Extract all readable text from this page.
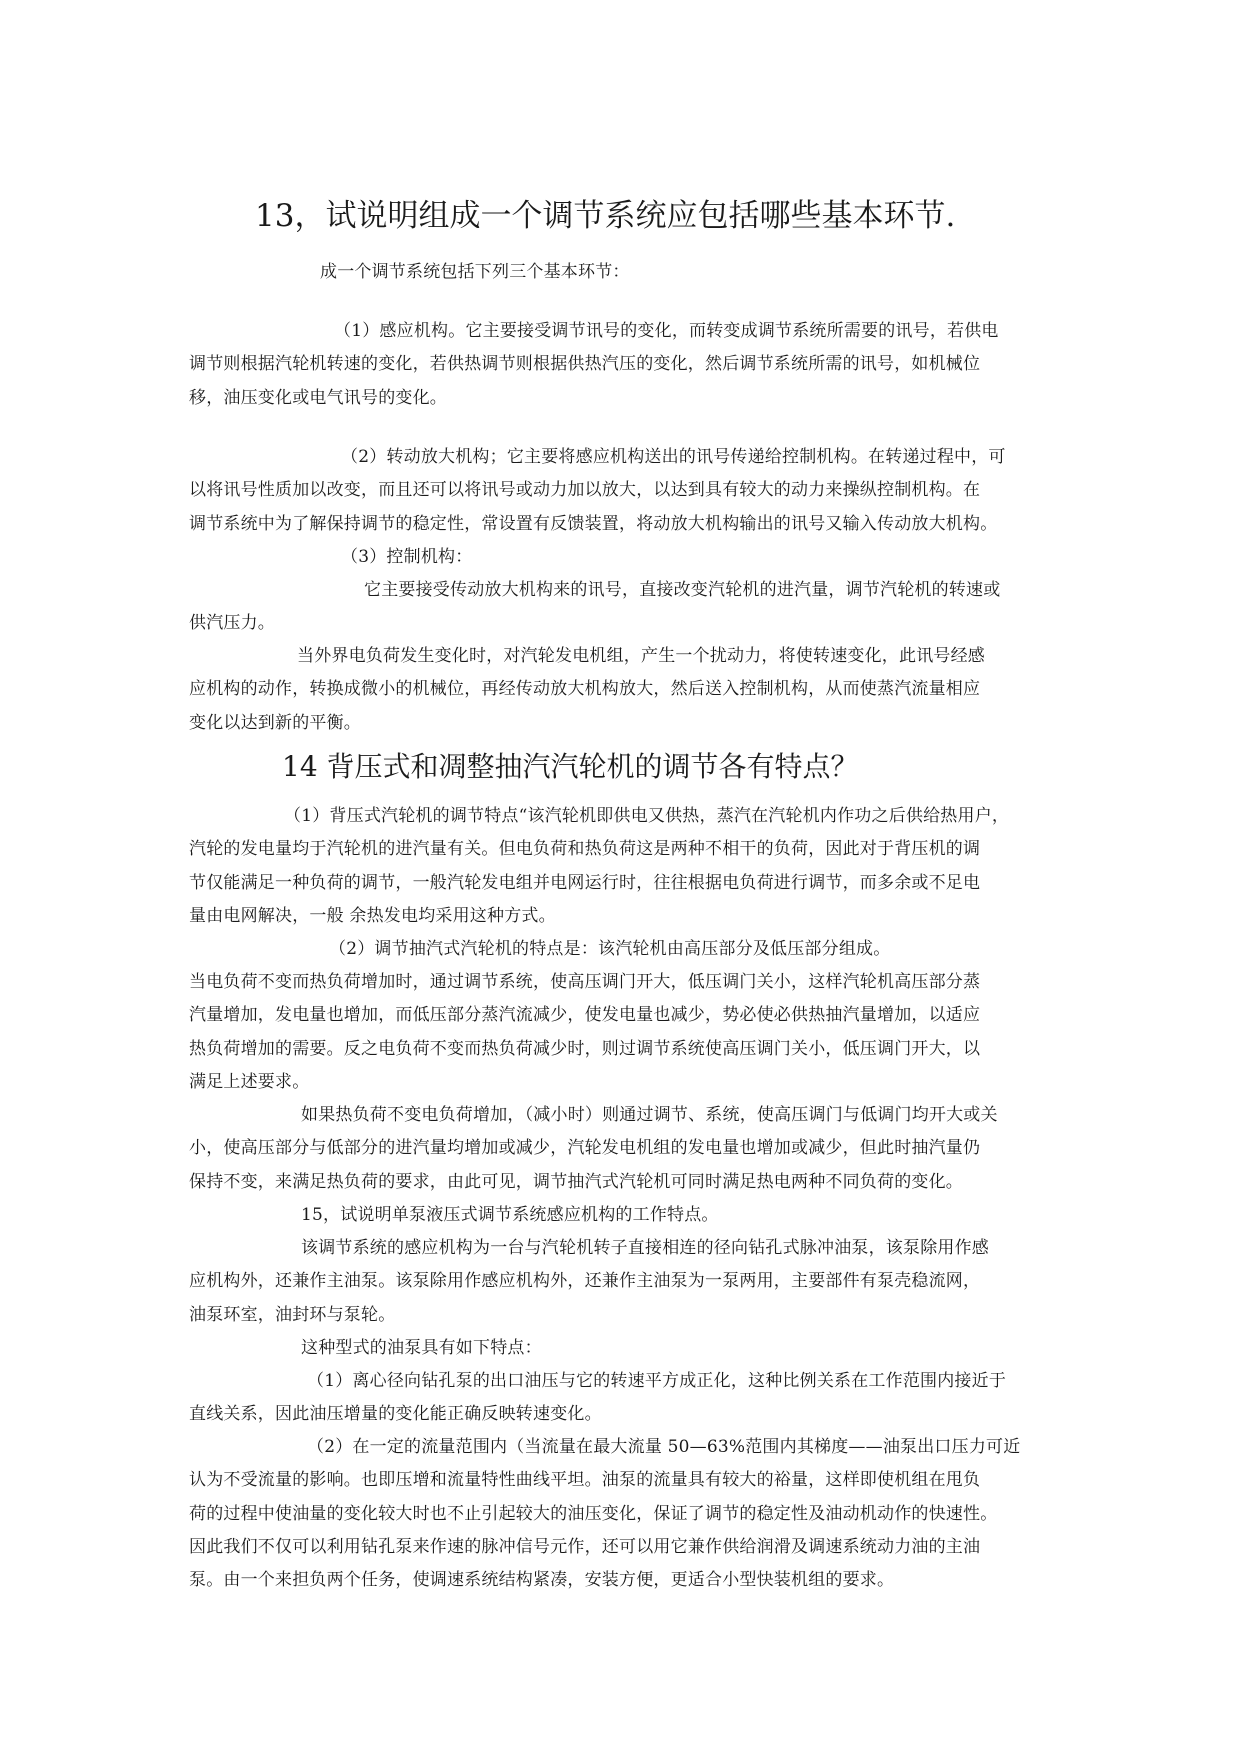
13，试说明组成一个调节系统应包括哪些基本环节.
成一个调节系统包括下列三个基本环节：
（1）感应机构。它主要接受调节讯号的变化，而转变成调节系统所需要的讯号，若供电
调节则根据汽轮机转速的变化，若供热调节则根据供热汽压的变化，然后调节系统所需的讯号，如机械位
移，油压变化或电气讯号的变化。
（2）转动放大机构；它主要将感应机构送出的讯号传递给控制机构。在转递过程中，可
以将讯号性质加以改变，而且还可以将讯号或动力加以放大，以达到具有较大的动力来操纵控制机构。在
调节系统中为了解保持调节的稳定性，常设置有反馈装置，将动放大机构输出的讯号又输入传动放大机构。
（3）控制机构：
它主要接受传动放大机构来的讯号，直接改变汽轮机的进汽量，调节汽轮机的转速或
供汽压力。
当外界电负荷发生变化时，对汽轮发电机组，产生一个扰动力，将使转速变化，此讯号经感
应机构的动作，转换成微小的机械位，再经传动放大机构放大，然后送入控制机构，从而使蒸汽流量相应
变化以达到新的平衡。
14 背压式和凋整抽汽汽轮机的调节各有特点？
（1）背压式汽轮机的调节特点“该汽轮机即供电又供热，蒸汽在汽轮机内作功之后供给热用户，
汽轮的发电量均于汽轮机的进汽量有关。但电负荷和热负荷这是两种不相干的负荷，因此对于背压机的调
节仅能满足一种负荷的调节，一般汽轮发电组并电网运行时，往往根据电负荷进行调节，而多余或不足电
量由电网解决，一般 余热发电均采用这种方式。
（2）调节抽汽式汽轮机的特点是：该汽轮机由高压部分及低压部分组成。
当电负荷不变而热负荷增加时，通过调节系统，使高压调门开大，低压调门关小，这样汽轮机高压部分蒸
汽量增加，发电量也增加，而低压部分蒸汽流减少，使发电量也减少，势必使必供热抽汽量增加，以适应
热负荷增加的需要。反之电负荷不变而热负荷减少时，则过调节系统使高压调门关小，低压调门开大，以
满足上述要求。
如果热负荷不变电负荷增加，（减小时）则通过调节、系统，使高压调门与低调门均开大或关
小，使高压部分与低部分的进汽量均增加或减少，汽轮发电机组的发电量也增加或减少，但此时抽汽量仍
保持不变，来满足热负荷的要求，由此可见，调节抽汽式汽轮机可同时满足热电两种不同负荷的变化。
15，试说明单泵液压式调节系统感应机构的工作特点。
该调节系统的感应机构为一台与汽轮机转子直接相连的径向钻孔式脉冲油泵，该泵除用作感
应机构外，还兼作主油泵。该泵除用作感应机构外，还兼作主油泵为一泵两用，主要部件有泵壳稳流网，
油泵环室，油封环与泵轮。
这种型式的油泵具有如下特点：
（1）离心径向钻孔泵的出口油压与它的转速平方成正化，这种比例关系在工作范围内接近于
直线关系，因此油压增量的变化能正确反映转速变化。
（2）在一定的流量范围内（当流量在最大流量 50—63%范围内其梯度——油泵出口压力可近
认为不受流量的影响。也即压增和流量特性曲线平坦。油泵的流量具有较大的裕量，这样即使机组在甩负
荷的过程中使油量的变化较大时也不止引起较大的油压变化，保证了调节的稳定性及油动机动作的快速性。
因此我们不仅可以利用钻孔泵来作速的脉冲信号元作，还可以用它兼作供给润滑及调速系统动力油的主油
泵。由一个来担负两个任务，使调速系统结构紧凑，安装方便，更适合小型快装机组的要求。
